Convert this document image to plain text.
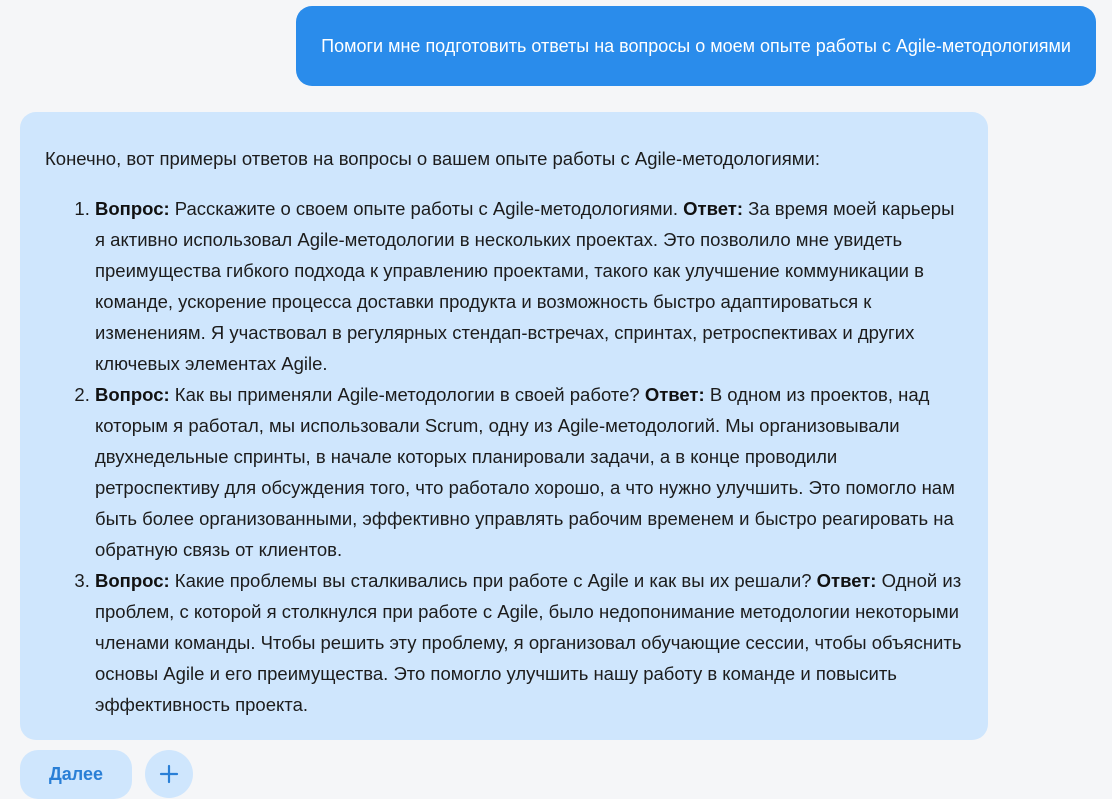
Помоги мне подготовить ответы на вопросы о моем опыте работы с Agile-методологиями

Конечно, вот примеры ответов на вопросы о вашем опыте работы с Agile-методологиями:

1. Вопрос: Расскажите о своем опыте работы с Agile-методологиями. Ответ: За время моей карьеры я активно использовал Agile-методологии в нескольких проектах. Это позволило мне увидеть преимущества гибкого подхода к управлению проектами, такого как улучшение коммуникации в команде, ускорение процесса доставки продукта и возможность быстро адаптироваться к изменениям. Я участвовал в регулярных стендап-встречах, спринтах, ретроспективах и других ключевых элементах Agile.
2. Вопрос: Как вы применяли Agile-методологии в своей работе? Ответ: В одном из проектов, над которым я работал, мы использовали Scrum, одну из Agile-методологий. Мы организовывали двухнедельные спринты, в начале которых планировали задачи, а в конце проводили ретроспективу для обсуждения того, что работало хорошо, а что нужно улучшить. Это помогло нам быть более организованными, эффективно управлять рабочим временем и быстро реагировать на обратную связь от клиентов.
3. Вопрос: Какие проблемы вы сталкивались при работе с Agile и как вы их решали? Ответ: Одной из проблем, с которой я столкнулся при работе с Agile, было недопонимание методологии некоторыми членами команды. Чтобы решить эту проблему, я организовал обучающие сессии, чтобы объяснить основы Agile и его преимущества. Это помогло улучшить нашу работу в команде и повысить эффективность проекта.
Далее
